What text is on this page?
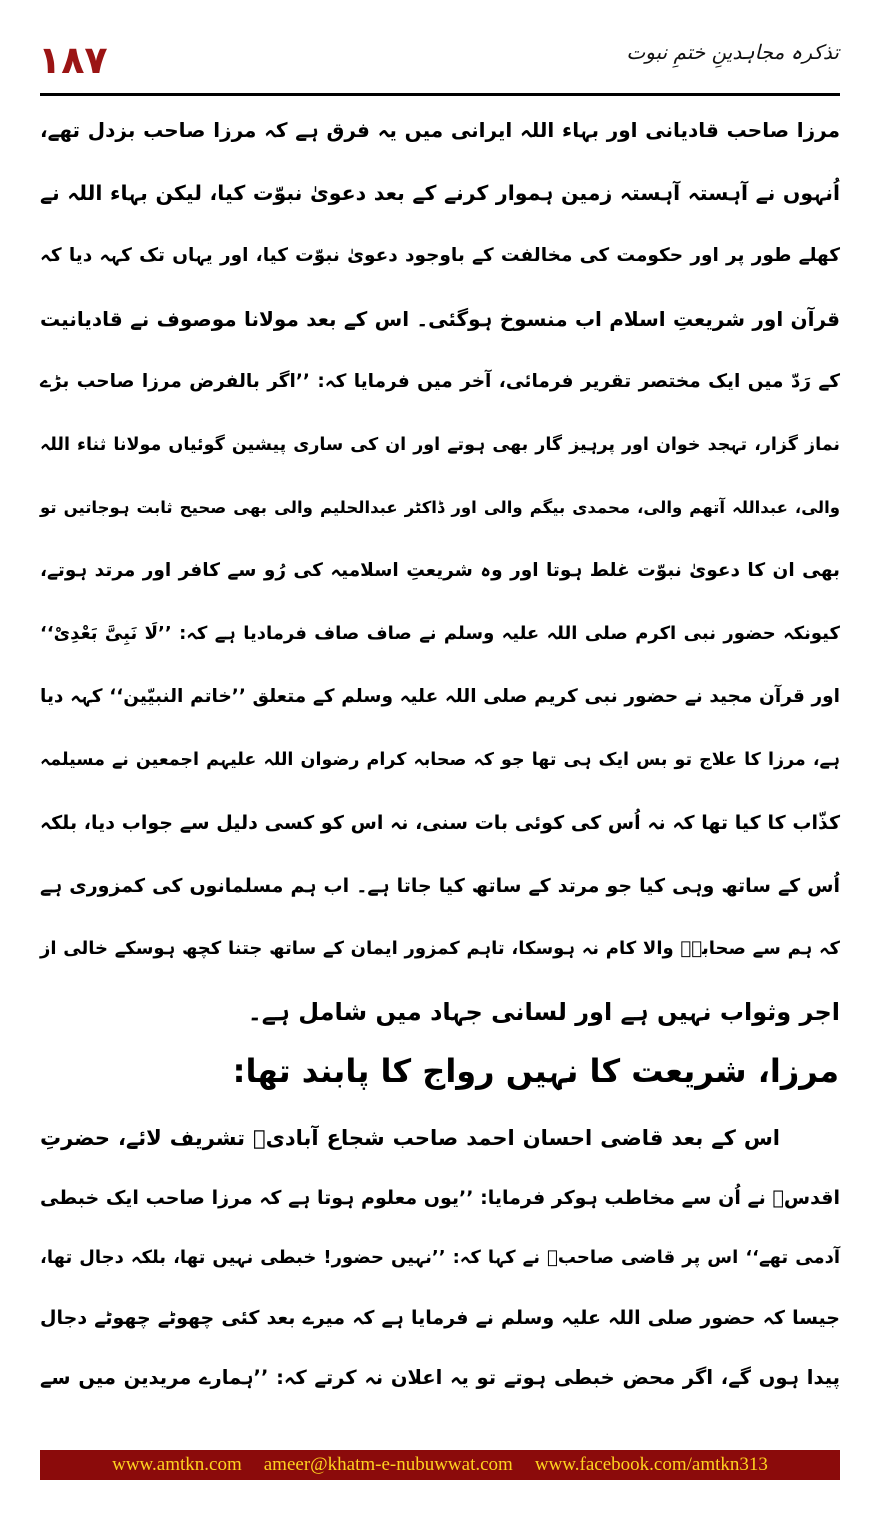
۱۸۷	تذکرہ مجاہدینِ ختمِ نبوت
مرزا صاحب قادیانی اور بہاء اللہ ایرانی میں یہ فرق ہے کہ مرزا صاحب بزدل تھے،
اُنہوں نے آہستہ آہستہ زمین ہموار کرنے کے بعد دعویٰ نبوّت کیا، لیکن بہاء اللہ نے
کھلے طور پر اور حکومت کی مخالفت کے باوجود دعویٰ نبوّت کیا، اور یہاں تک کہہ دیا کہ
قرآن اور شریعتِ اسلام اب منسوخ ہوگئی۔ اس کے بعد مولانا موصوف نے قادیانیت
کے رَدّ میں ایک مختصر تقریر فرمائی، آخر میں فرمایا کہ: ’’اگر بالفرض مرزا صاحب بڑے
نماز گزار، تہجد خوان اور پرہیز گار بھی ہوتے اور ان کی ساری پیشین گوئیاں مولانا ثناء اللہ
والی، عبداللہ آتھم والی، محمدی بیگم والی اور ڈاکٹر عبدالحلیم والی بھی صحیح ثابت ہوجاتیں تو
بھی ان کا دعویٰ نبوّت غلط ہوتا اور وہ شریعتِ اسلامیہ کی رُو سے کافر اور مرتد ہوتے،
کیونکہ حضور نبی اکرم صلی اللہ علیہ وسلم نے صاف صاف فرمادیا ہے کہ: ’’لَا نَبِیَّ بَعْدِیْ‘‘
اور قرآن مجید نے حضور نبی کریم صلی اللہ علیہ وسلم کے متعلق ’’خاتم النبیّین‘‘ کہہ دیا
ہے، مرزا کا علاج تو بس ایک ہی تھا جو کہ صحابہ کرام رضوان اللہ علیہم اجمعین نے مسیلمہ
کذّاب کا کیا تھا کہ نہ اُس کی کوئی بات سنی، نہ اس کو کسی دلیل سے جواب دیا، بلکہ
اُس کے ساتھ وہی کیا جو مرتد کے ساتھ کیا جاتا ہے۔ اب ہم مسلمانوں کی کمزوری ہے
کہ ہم سے صحابہؓ والا کام نہ ہوسکا، تاہم کمزور ایمان کے ساتھ جتنا کچھ ہوسکے خالی از
اجر وثواب نہیں ہے اور لسانی جہاد میں شامل ہے۔
مرزا، شریعت کا نہیں رواج کا پابند تھا:
اس کے بعد قاضی احسان احمد صاحب شجاع آبادیؒ تشریف لائے، حضرتِ
اقدسؒ نے اُن سے مخاطب ہوکر فرمایا: ’’یوں معلوم ہوتا ہے کہ مرزا صاحب ایک خبطی
آدمی تھے‘‘ اس پر قاضی صاحبؒ نے کہا کہ: ’’نہیں حضور! خبطی نہیں تھا، بلکہ دجال تھا،
جیسا کہ حضور صلی اللہ علیہ وسلم نے فرمایا ہے کہ میرے بعد کئی چھوٹے چھوٹے دجال
پیدا ہوں گے، اگر محض خبطی ہوتے تو یہ اعلان نہ کرتے کہ: ’’ہمارے مریدین میں سے
www.amtkn.com ameer@khatm-e-nubuwwat.com www.facebook.com/amtkn313
